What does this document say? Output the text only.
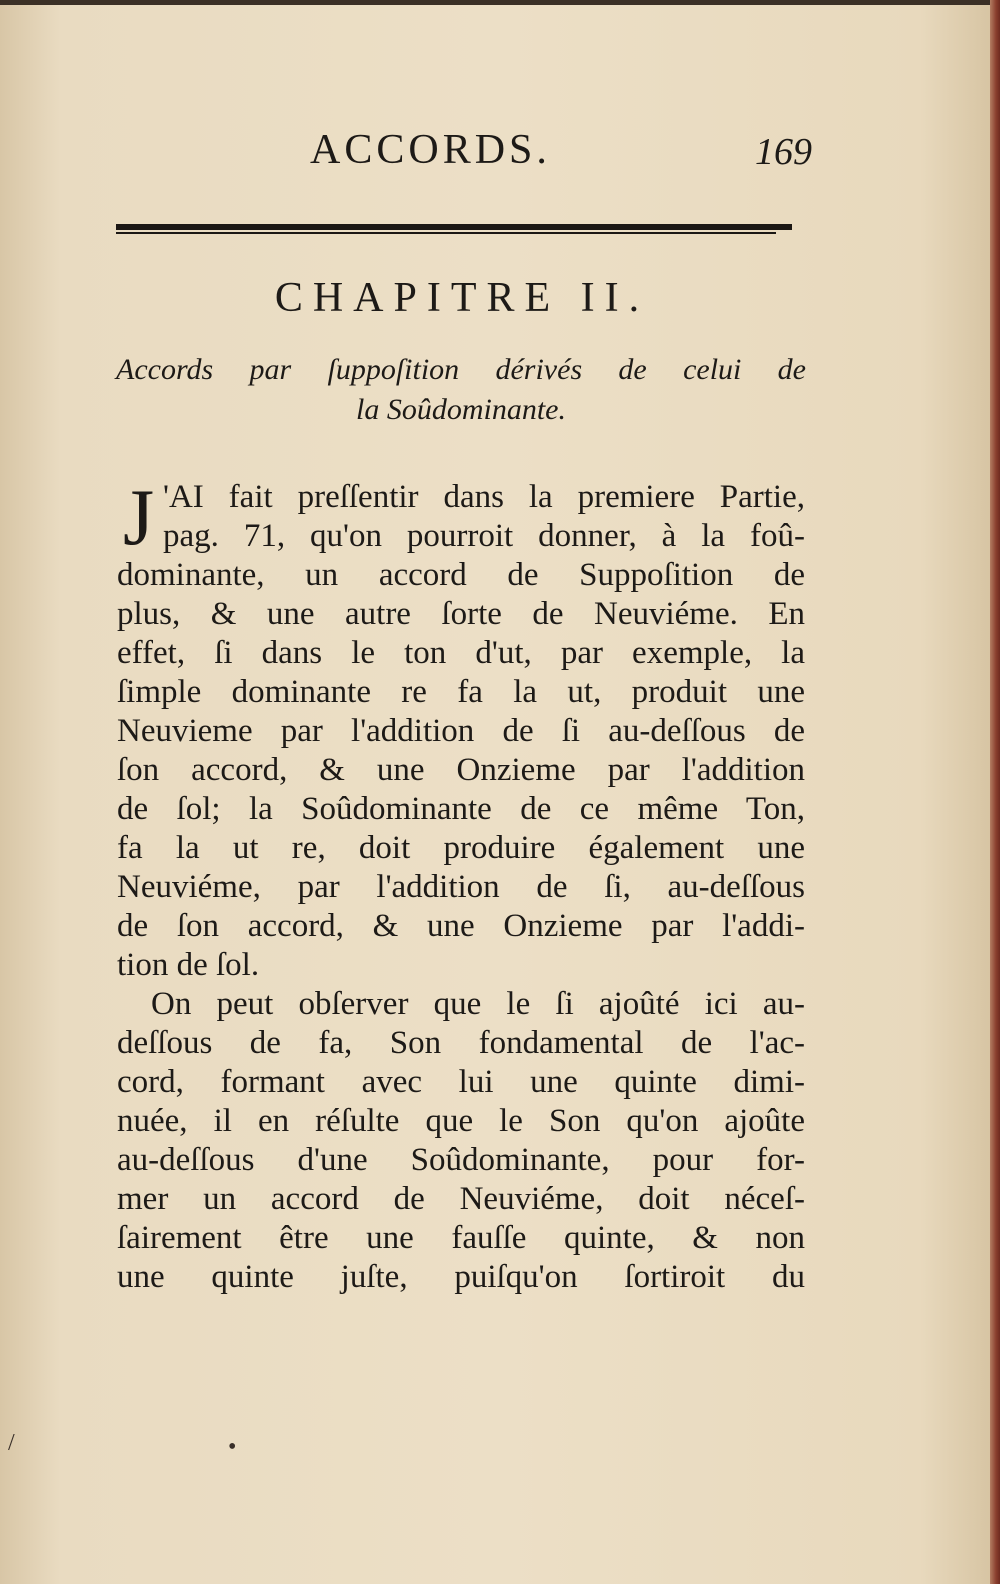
ACCORDS.	169
CHAPITRE II.
Accords par ſuppoſition dérivés de celui de
la Soûdominante.
J 'AI fait preſſentir dans la premiere Partie,
pag. 71, qu'on pourroit donner, à la foû-
dominante, un accord de Suppoſition de
plus, & une autre ſorte de Neuviéme. En
effet, ſi dans le ton d'ut, par exemple, la
ſimple dominante re fa la ut, produit une
Neuvieme par l'addition de ſi au-deſſous de
ſon accord, & une Onzieme par l'addition
de ſol; la Soûdominante de ce même Ton,
fa la ut re, doit produire également une
Neuviéme, par l'addition de ſi, au-deſſous
de ſon accord, & une Onzieme par l'addi-
tion de ſol.
On peut obſerver que le ſi ajoûté ici au-
deſſous de fa, Son fondamental de l'ac-
cord, formant avec lui une quinte dimi-
nuée, il en réſulte que le Son qu'on ajoûte
au-deſſous d'une Soûdominante, pour for-
mer un accord de Neuviéme, doit néceſ-
ſairement être une fauſſe quinte, & non
une quinte juſte, puiſqu'on ſortiroit du
•
/
